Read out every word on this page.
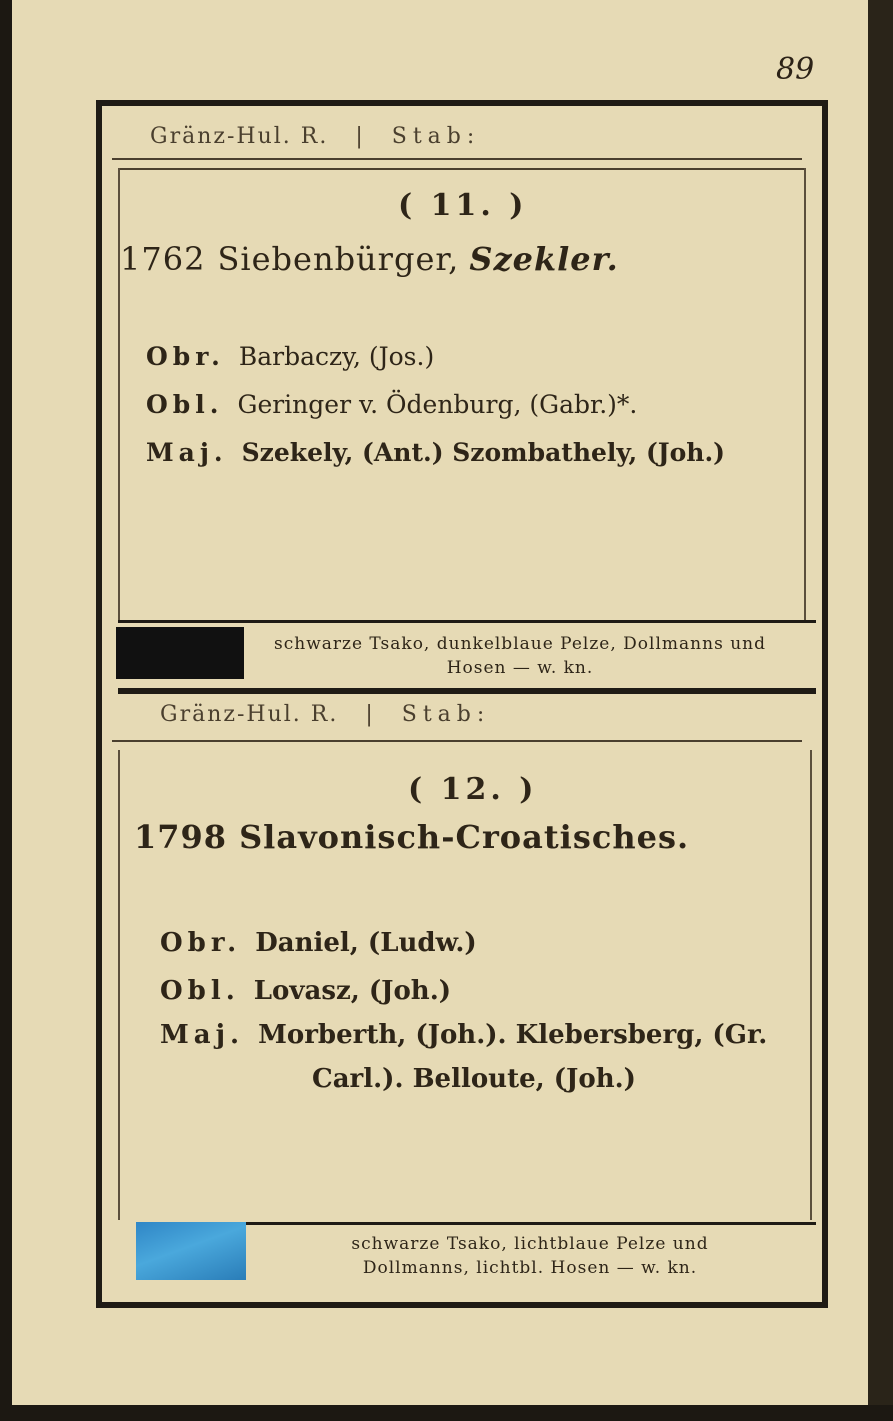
89
Gränz-Hul. R. | Stab:
( 11. )
1762 Siebenbürger, Szekler.
Obr. Barbaczy, (Jos.)
Obl. Geringer v. Ödenburg, (Gabr.)*.
Maj. Szekely, (Ant.) Szombathely, (Joh.)
schwarze Tsako, dunkelblaue Pelze, Dollmanns und Hosen — w. kn.
Gränz-Hul. R. | Stab:
( 12. )
1798 Slavonisch-Croatisches.
Obr. Daniel, (Ludw.)
Obl. Lovasz, (Joh.)
Maj. Morberth, (Joh.). Klebersberg, (Gr.
Carl.). Belloute, (Joh.)
schwarze Tsako, lichtblaue Pelze und
Dollmanns, lichtbl. Hosen — w. kn.
